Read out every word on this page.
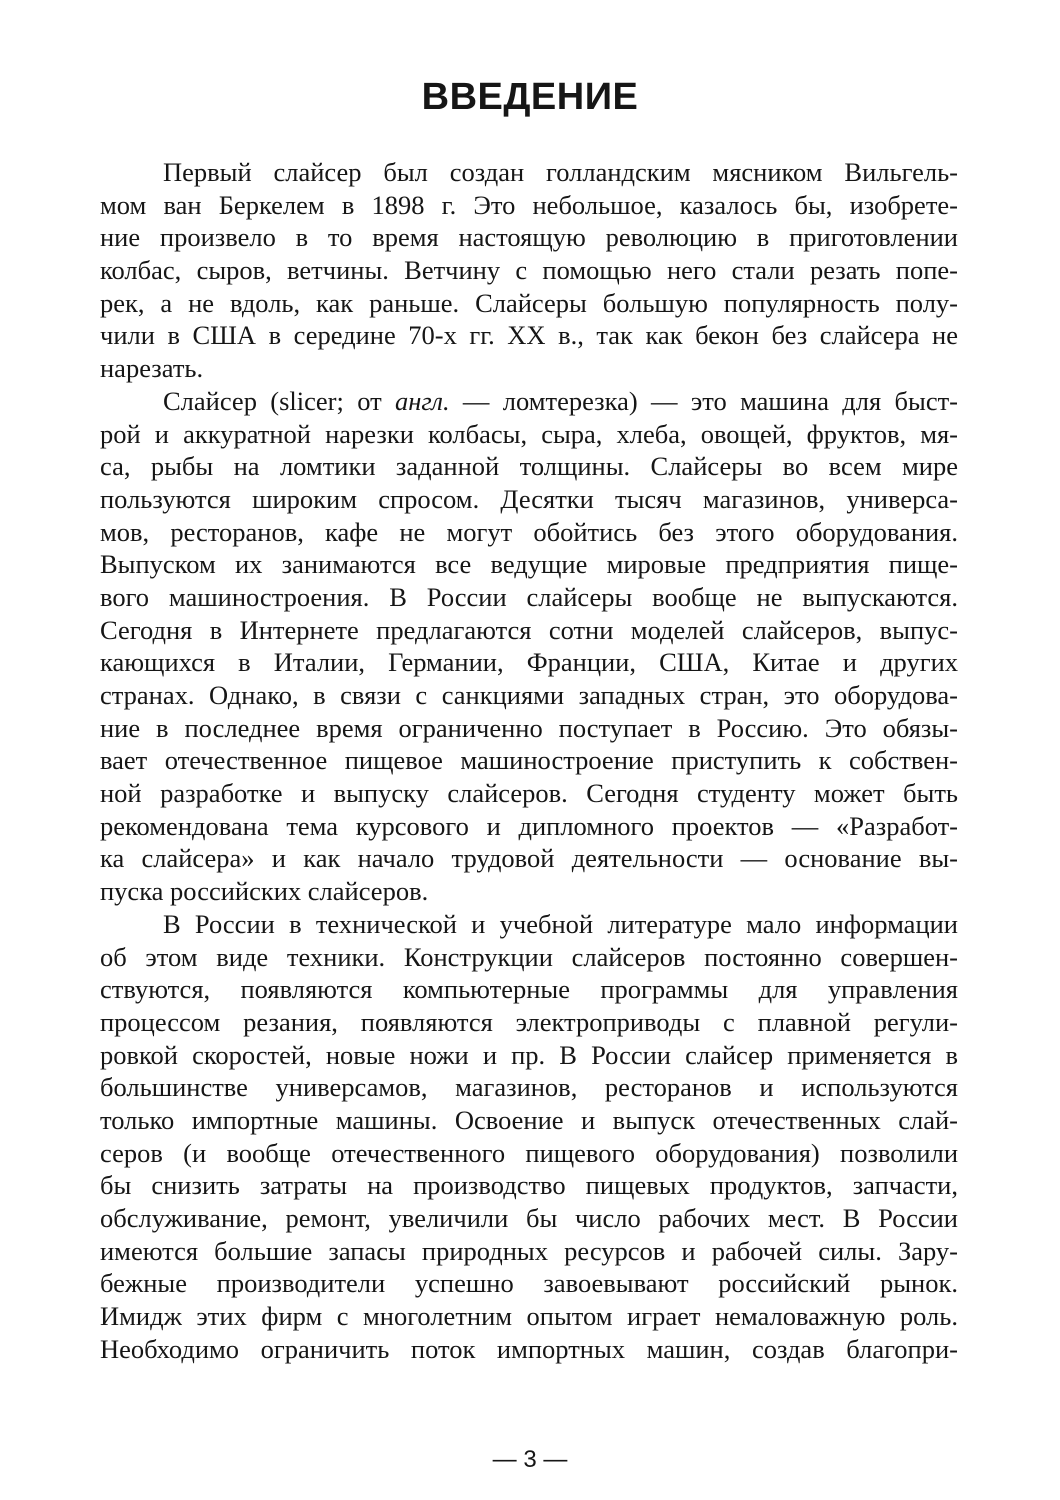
ВВЕДЕНИЕ
Первый слайсер был создан голландским мясником Вильгель-
мом ван Беркелем в 1898 г. Это небольшое, казалось бы, изобрете-
ние произвело в то время настоящую революцию в приготовлении
колбас, сыров, ветчины. Ветчину с помощью него стали резать попе-
рек, а не вдоль, как раньше. Слайсеры большую популярность полу-
чили в США в середине 70-х гг. XX в., так как бекон без слайсера не
нарезать.
Слайсер (slicer; от англ. — ломтерезка) — это машина для быст-
рой и аккуратной нарезки колбасы, сыра, хлеба, овощей, фруктов, мя-
са, рыбы на ломтики заданной толщины. Слайсеры во всем мире
пользуются широким спросом. Десятки тысяч магазинов, универса-
мов, ресторанов, кафе не могут обойтись без этого оборудования.
Выпуском их занимаются все ведущие мировые предприятия пище-
вого машиностроения. В России слайсеры вообще не выпускаются.
Сегодня в Интернете предлагаются сотни моделей слайсеров, выпус-
кающихся в Италии, Германии, Франции, США, Китае и других
странах. Однако, в связи с санкциями западных стран, это оборудова-
ние в последнее время ограниченно поступает в Россию. Это обязы-
вает отечественное пищевое машиностроение приступить к собствен-
ной разработке и выпуску слайсеров. Сегодня студенту может быть
рекомендована тема курсового и дипломного проектов — «Разработ-
ка слайсера» и как начало трудовой деятельности — основание вы-
пуска российских слайсеров.
В России в технической и учебной литературе мало информации
об этом виде техники. Конструкции слайсеров постоянно совершен-
ствуются, появляются компьютерные программы для управления
процессом резания, появляются электроприводы с плавной регули-
ровкой скоростей, новые ножи и пр. В России слайсер применяется в
большинстве универсамов, магазинов, ресторанов и используются
только импортные машины. Освоение и выпуск отечественных слай-
серов (и вообще отечественного пищевого оборудования) позволили
бы снизить затраты на производство пищевых продуктов, запчасти,
обслуживание, ремонт, увеличили бы число рабочих мест. В России
имеются большие запасы природных ресурсов и рабочей силы. Зару-
бежные производители успешно завоевывают российский рынок.
Имидж этих фирм с многолетним опытом играет немаловажную роль.
Необходимо ограничить поток импортных машин, создав благопри-
— 3 —
